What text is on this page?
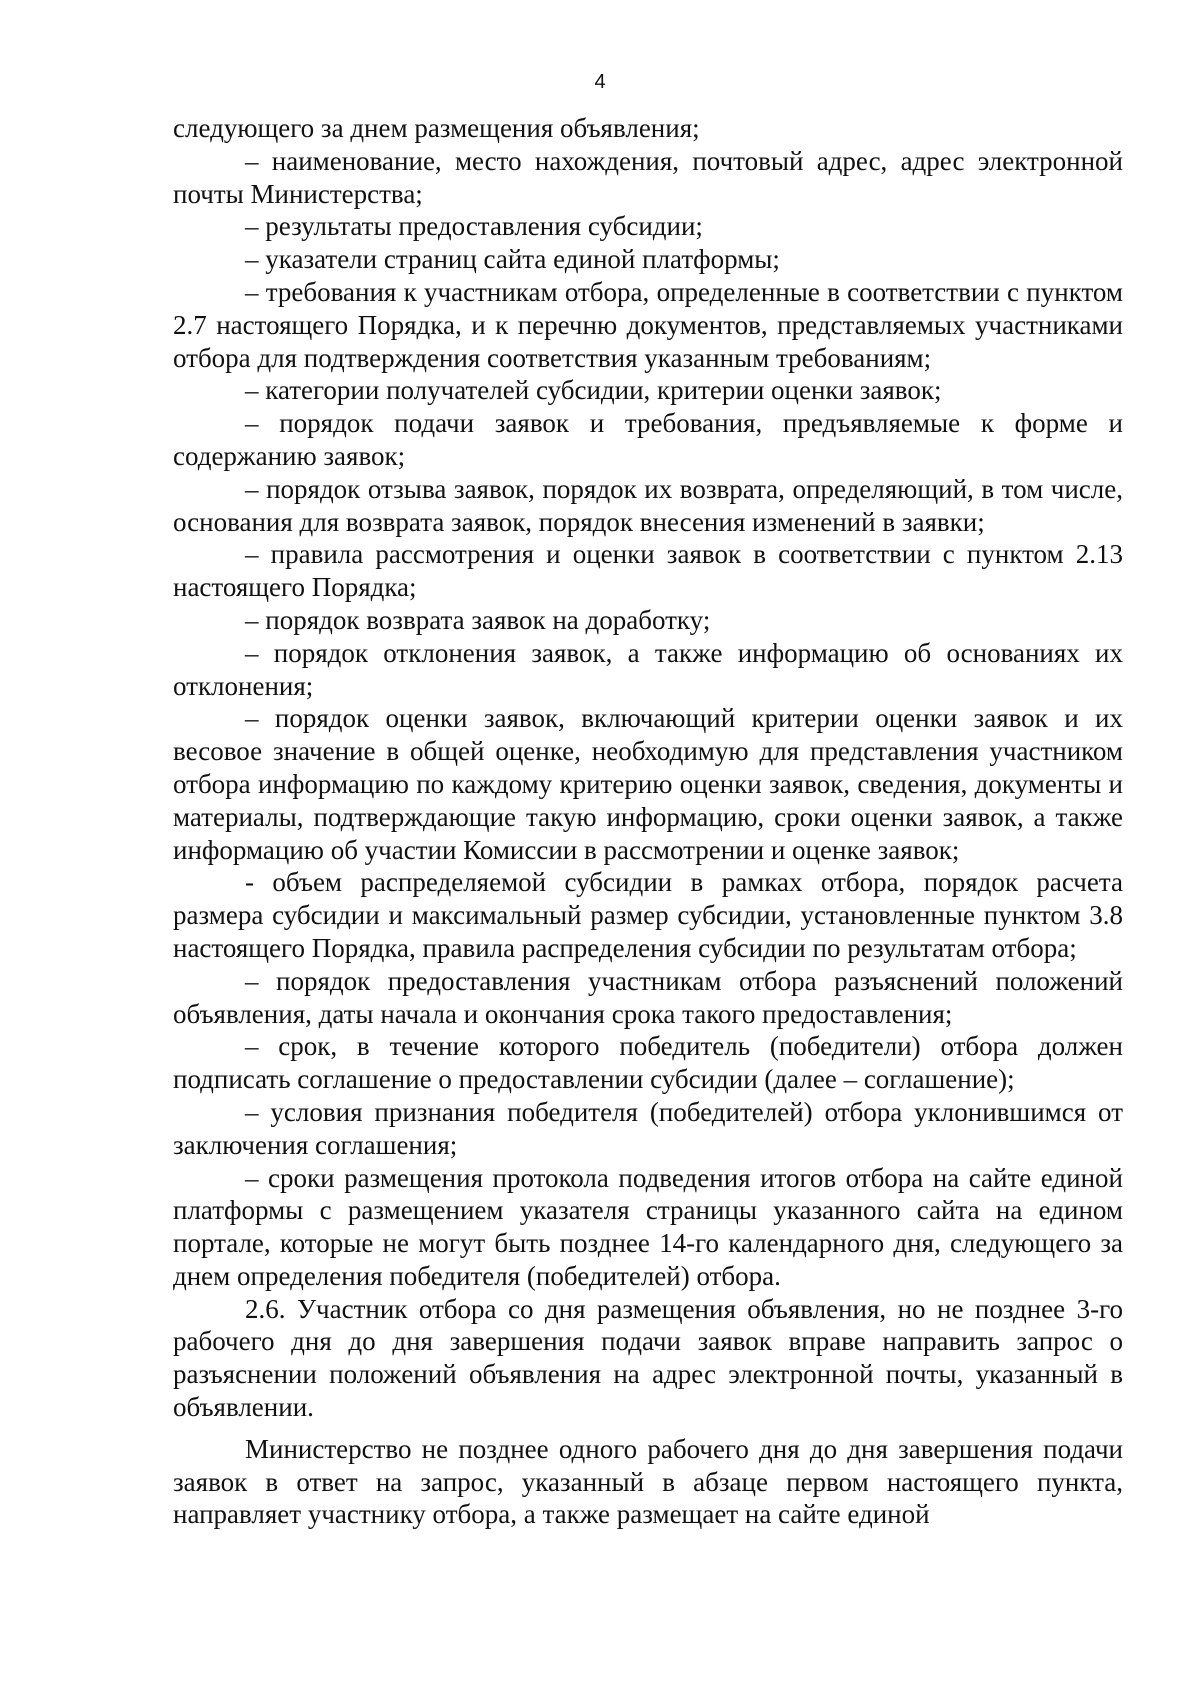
4

следующего за днем размещения объявления;

– наименование, место нахождения, почтовый адрес, адрес электронной почты Министерства;

– результаты предоставления субсидии;

– указатели страниц сайта единой платформы;

– требования к участникам отбора, определенные в соответствии с пунктом 2.7 настоящего Порядка, и к перечню документов, представляемых участниками отбора для подтверждения соответствия указанным требованиям;

– категории получателей субсидии, критерии оценки заявок;

– порядок подачи заявок и требования, предъявляемые к форме и содержанию заявок;

– порядок отзыва заявок, порядок их возврата, определяющий, в том числе, основания для возврата заявок, порядок внесения изменений в заявки;

– правила рассмотрения и оценки заявок в соответствии с пунктом 2.13 настоящего Порядка;

– порядок возврата заявок на доработку;

– порядок отклонения заявок, а также информацию об основаниях их отклонения;

– порядок оценки заявок, включающий критерии оценки заявок и их весовое значение в общей оценке, необходимую для представления участником отбора информацию по каждому критерию оценки заявок, сведения, документы и материалы, подтверждающие такую информацию, сроки оценки заявок, а также информацию об участии Комиссии в рассмотрении и оценке заявок;

- объем распределяемой субсидии в рамках отбора, порядок расчета размера субсидии и максимальный размер субсидии, установленные пунктом 3.8 настоящего Порядка, правила распределения субсидии по результатам отбора;

– порядок предоставления участникам отбора разъяснений положений объявления, даты начала и окончания срока такого предоставления;

– срок, в течение которого победитель (победители) отбора должен подписать соглашение о предоставлении субсидии (далее – соглашение);

– условия признания победителя (победителей) отбора уклонившимся от заключения соглашения;

– сроки размещения протокола подведения итогов отбора на сайте единой платформы с размещением указателя страницы указанного сайта на едином портале, которые не могут быть позднее 14-го календарного дня, следующего за днем определения победителя (победителей) отбора.

2.6. Участник отбора со дня размещения объявления, но не позднее 3-го рабочего дня до дня завершения подачи заявок вправе направить запрос о разъяснении положений объявления на адрес электронной почты, указанный в объявлении.

Министерство не позднее одного рабочего дня до дня завершения подачи заявок в ответ на запрос, указанный в абзаце первом настоящего пункта, направляет участнику отбора, а также размещает на сайте единой
